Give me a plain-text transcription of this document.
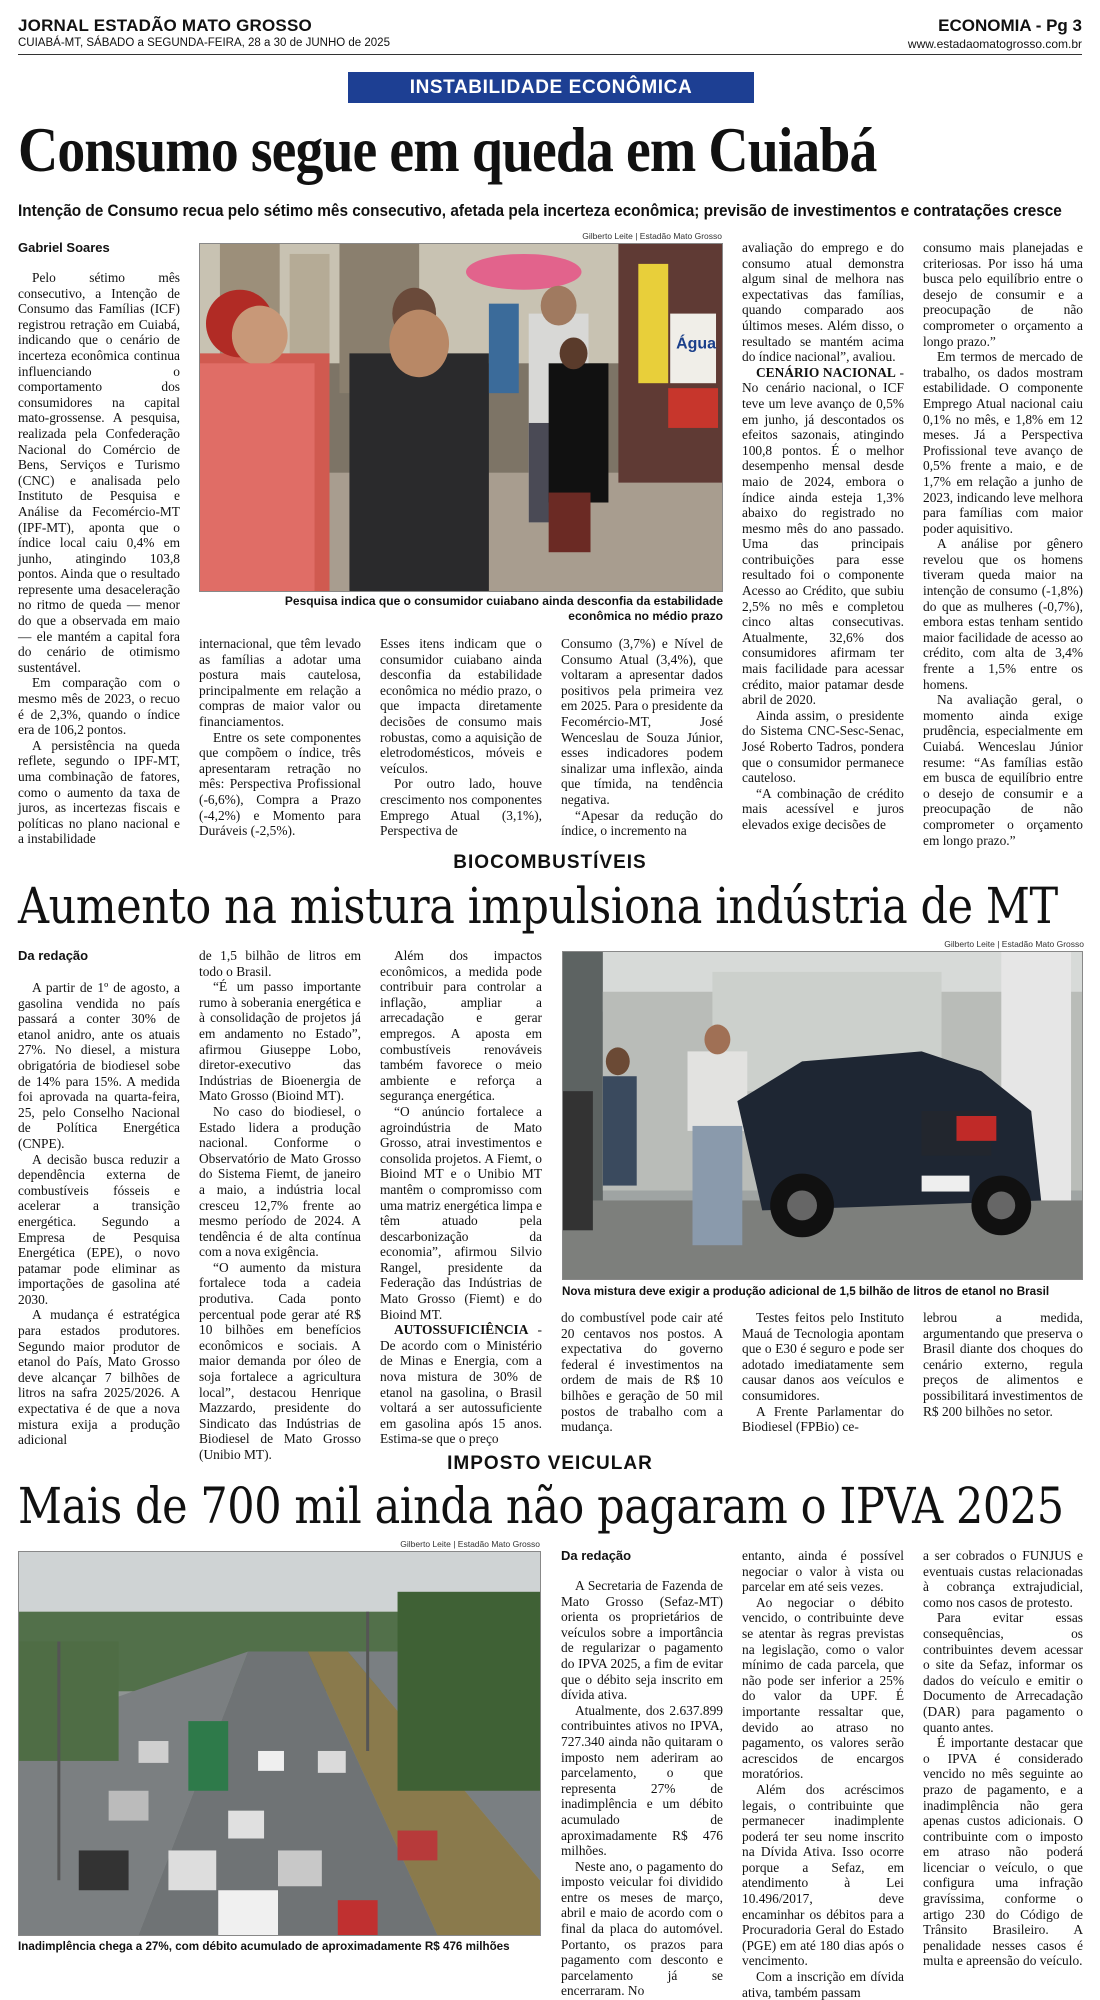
JORNAL ESTADÃO MATO GROSSO
CUIABÁ-MT, SÁBADO a SEGUNDA-FEIRA, 28 a 30 de JUNHO de 2025
ECONOMIA - Pg 3
www.estadaomatogrosso.com.br
INSTABILIDADE ECONÔMICA
Consumo segue em queda em Cuiabá
Intenção de Consumo recua pelo sétimo mês consecutivo, afetada pela incerteza econômica; previsão de investimentos e contratações cresce
Gabriel Soares
Gilberto Leite | Estadão Mato Grosso
Água
Pesquisa indica que o consumidor cuiabano ainda desconfia da estabilidade
econômica no médio prazo

Pelo sétimo mês consecutivo, a Intenção de Consumo das Famílias (ICF) registrou retração em Cuiabá, indicando que o cenário de incerteza econômica continua influenciando o comportamento dos consumidores na capital mato-grossense. A pesquisa, realizada pela Confederação Nacional do Comércio de Bens, Serviços e Turismo (CNC) e analisada pelo Instituto de Pesquisa e Análise da Fecomércio-MT (IPF-MT), aponta que o índice local caiu 0,4% em junho, atingindo 103,8 pontos. Ainda que o resultado represente uma desaceleração no ritmo de queda — menor do que a observada em maio — ele mantém a capital fora do cenário de otimismo sustentável.

Em comparação com o mesmo mês de 2023, o recuo é de 2,3%, quando o índice era de 106,2 pontos.

A persistência na queda reflete, segundo o IPF-MT, uma combinação de fatores, como o aumento da taxa de juros, as incertezas fiscais e políticas no plano nacional e a instabilidade

internacional, que têm levado as famílias a adotar uma postura mais cautelosa, principalmente em relação a compras de maior valor ou financiamentos.

Entre os sete componentes que compõem o índice, três apresentaram retração no mês: Perspectiva Profissional (-6,6%), Compra a Prazo (-4,2%) e Momento para Duráveis (-2,5%).

Esses itens indicam que o consumidor cuiabano ainda desconfia da estabilidade econômica no médio prazo, o que impacta diretamente decisões de consumo mais robustas, como a aquisição de eletrodomésticos, móveis e veículos.

Por outro lado, houve crescimento nos componentes Emprego Atual (3,1%), Perspectiva de

Consumo (3,7%) e Nível de Consumo Atual (3,4%), que voltaram a apresentar dados positivos pela primeira vez em 2025. Para o presidente da Fecomércio-MT, José Wenceslau de Souza Júnior, esses indicadores podem sinalizar uma inflexão, ainda que tímida, na tendência negativa.

“Apesar da redução do índice, o incremento na

avaliação do emprego e do consumo atual demonstra algum sinal de melhora nas expectativas das famílias, quando comparado aos últimos meses. Além disso, o resultado se mantém acima do índice nacional”, avaliou.

CENÁRIO NACIONAL - No cenário nacional, o ICF teve um leve avanço de 0,5% em junho, já descontados os efeitos sazonais, atingindo 100,8 pontos. É o melhor desempenho mensal desde maio de 2024, embora o índice ainda esteja 1,3% abaixo do registrado no mesmo mês do ano passado. Uma das principais contribuições para esse resultado foi o componente Acesso ao Crédito, que subiu 2,5% no mês e completou cinco altas consecutivas. Atualmente, 32,6% dos consumidores afirmam ter mais facilidade para acessar crédito, maior patamar desde abril de 2020.

Ainda assim, o presidente do Sistema CNC-Sesc-Senac, José Roberto Tadros, pondera que o consumidor permanece cauteloso.

“A combinação de crédito mais acessível e juros elevados exige decisões de

consumo mais planejadas e criteriosas. Por isso há uma busca pelo equilíbrio entre o desejo de consumir e a preocupação de não comprometer o orçamento a longo prazo.”

Em termos de mercado de trabalho, os dados mostram estabilidade. O componente Emprego Atual nacional caiu 0,1% no mês, e 1,8% em 12 meses. Já a Perspectiva Profissional teve avanço de 0,5% frente a maio, e de 1,7% em relação a junho de 2023, indicando leve melhora para famílias com maior poder aquisitivo.

A análise por gênero revelou que os homens tiveram queda maior na intenção de consumo (-1,8%) do que as mulheres (-0,7%), embora estas tenham sentido maior facilidade de acesso ao crédito, com alta de 3,4% frente a 1,5% entre os homens.

Na avaliação geral, o momento ainda exige prudência, especialmente em Cuiabá. Wenceslau Júnior resume: “As famílias estão em busca de equilíbrio entre o desejo de consumir e a preocupação de não comprometer o orçamento em longo prazo.”

BIOCOMBUSTÍVEIS
Aumento na mistura impulsiona indústria de MT
Da redação
Gilberto Leite | Estadão Mato Grosso
Nova mistura deve exigir a produção adicional de 1,5 bilhão de litros de etanol no Brasil

A partir de 1º de agosto, a gasolina vendida no país passará a conter 30% de etanol anidro, ante os atuais 27%. No diesel, a mistura obrigatória de biodiesel sobe de 14% para 15%. A medida foi aprovada na quarta-feira, 25, pelo Conselho Nacional de Política Energética (CNPE).

A decisão busca reduzir a dependência externa de combustíveis fósseis e acelerar a transição energética. Segundo a Empresa de Pesquisa Energética (EPE), o novo patamar pode eliminar as importações de gasolina até 2030.

A mudança é estratégica para estados produtores. Segundo maior produtor de etanol do País, Mato Grosso deve alcançar 7 bilhões de litros na safra 2025/2026. A expectativa é de que a nova mistura exija a produção adicional

de 1,5 bilhão de litros em todo o Brasil.

“É um passo importante rumo à soberania energética e à consolidação de projetos já em andamento no Estado”, afirmou Giuseppe Lobo, diretor-executivo das Indústrias de Bioenergia de Mato Grosso (Bioind MT).

No caso do biodiesel, o Estado lidera a produção nacional. Conforme o Observatório de Mato Grosso do Sistema Fiemt, de janeiro a maio, a indústria local cresceu 12,7% frente ao mesmo período de 2024. A tendência é de alta contínua com a nova exigência.

“O aumento da mistura fortalece toda a cadeia produtiva. Cada ponto percentual pode gerar até R$ 10 bilhões em benefícios econômicos e sociais. A maior demanda por óleo de soja fortalece a agricultura local”, destacou Henrique Mazzardo, presidente do Sindicato das Indústrias de Biodiesel de Mato Grosso (Unibio MT).

Além dos impactos econômicos, a medida pode contribuir para controlar a inflação, ampliar a arrecadação e gerar empregos. A aposta em combustíveis renováveis também favorece o meio ambiente e reforça a segurança energética.

“O anúncio fortalece a agroindústria de Mato Grosso, atrai investimentos e consolida projetos. A Fiemt, o Bioind MT e o Unibio MT mantêm o compromisso com uma matriz energética limpa e têm atuado pela descarbonização da economia”, afirmou Silvio Rangel, presidente da Federação das Indústrias de Mato Grosso (Fiemt) e do Bioind MT.

AUTOSSUFICIÊNCIA - De acordo com o Ministério de Minas e Energia, com a nova mistura de 30% de etanol na gasolina, o Brasil voltará a ser autossuficiente em gasolina após 15 anos. Estima-se que o preço

do combustível pode cair até 20 centavos nos postos. A expectativa do governo federal é investimentos na ordem de mais de R$ 10 bilhões e geração de 50 mil postos de trabalho com a mudança.

Testes feitos pelo Instituto Mauá de Tecnologia apontam que o E30 é seguro e pode ser adotado imediatamente sem causar danos aos veículos e consumidores.

A Frente Parlamentar do Biodiesel (FPBio) ce-

lebrou a medida, argumentando que preserva o Brasil diante dos choques do cenário externo, regula preços de alimentos e possibilitará investimentos de R$ 200 bilhões no setor.

IMPOSTO VEICULAR
Mais de 700 mil ainda não pagaram o IPVA 2025
Gilberto Leite | Estadão Mato Grosso
Inadimplência chega a 27%, com débito acumulado de aproximadamente R$ 476 milhões
Da redação

A Secretaria de Fazenda de Mato Grosso (Sefaz-MT) orienta os proprietários de veículos sobre a importância de regularizar o pagamento do IPVA 2025, a fim de evitar que o débito seja inscrito em dívida ativa.

Atualmente, dos 2.637.899 contribuintes ativos no IPVA, 727.340 ainda não quitaram o imposto nem aderiram ao parcelamento, o que representa 27% de inadimplência e um débito acumulado de aproximadamente R$ 476 milhões.

Neste ano, o pagamento do imposto veicular foi dividido entre os meses de março, abril e maio de acordo com o final da placa do automóvel. Portanto, os prazos para pagamento com desconto e parcelamento já se encerraram. No

entanto, ainda é possível negociar o valor à vista ou parcelar em até seis vezes.

Ao negociar o débito vencido, o contribuinte deve se atentar às regras previstas na legislação, como o valor mínimo de cada parcela, que não pode ser inferior a 25% do valor da UPF. É importante ressaltar que, devido ao atraso no pagamento, os valores serão acrescidos de encargos moratórios.

Além dos acréscimos legais, o contribuinte que permanecer inadimplente poderá ter seu nome inscrito na Dívida Ativa. Isso ocorre porque a Sefaz, em atendimento à Lei 10.496/2017, deve encaminhar os débitos para a Procuradoria Geral do Estado (PGE) em até 180 dias após o vencimento.

Com a inscrição em dívida ativa, também passam

a ser cobrados o FUNJUS e eventuais custas relacionadas à cobrança extrajudicial, como nos casos de protesto.

Para evitar essas consequências, os contribuintes devem acessar o site da Sefaz, informar os dados do veículo e emitir o Documento de Arrecadação (DAR) para pagamento o quanto antes.

É importante destacar que o IPVA é considerado vencido no mês seguinte ao prazo de pagamento, e a inadimplência não gera apenas custos adicionais. O contribuinte com o imposto em atraso não poderá licenciar o veículo, o que configura uma infração gravíssima, conforme o artigo 230 do Código de Trânsito Brasileiro. A penalidade nesses casos é multa e apreensão do veículo.
